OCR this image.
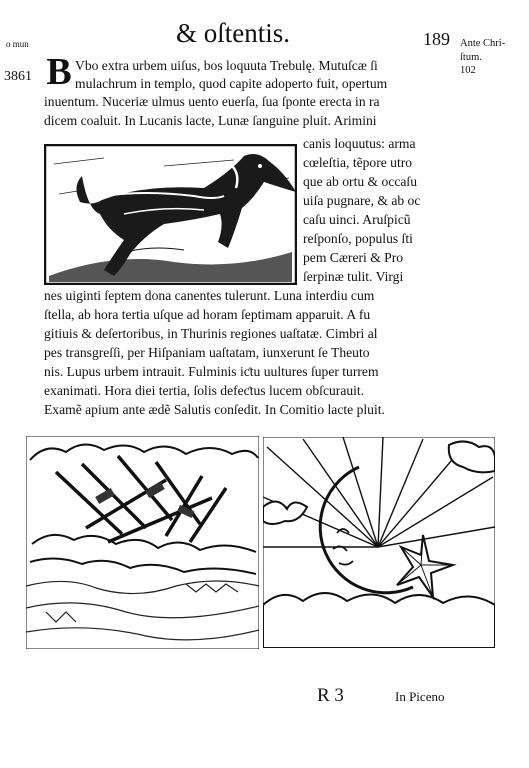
o mun	& oſtentis.	189 Ante Chri-
ſtum.
102
3861 B Vbo extra urbem uiſus, bos loquuta Trebulę. Mutuſcæ ſi
mulachrum in templo, quod capite adoperto fuit, opertum
inuentum. Nuceriæ ulmus uento euerſa, ſua ſponte erecta in ra
dicem coaluit. In Lucanis lacte, Lunæ ſanguine pluit. Arimini
canis loquutus: arma
cœleſtia, tẽpore utro
que ab ortu & occaſu
uiſa pugnare, & ab oc
caſu uinci. Aruſpicũ
reſponſo, populus ſti
pem Cæreri & Pro
ſerpinæ tulit. Virgi
nes uiginti ſeptem dona canentes tulerunt. Luna interdiu cum
ſtella, ab hora tertia uſque ad horam ſeptimam apparuit. A fu
gitiuis & deſertoribus, in Thurinis regiones uaſtatæ. Cimbri al
pes transgreſſi, per Hiſpaniam uaſtatam, iunxerunt ſe Theuto
nis. Lupus urbem intrauit. Fulminis iƈtu uultures ſuper turrem
exanimati. Hora diei tertia, ſolis defeƈtus lucem obſcurauit.
Examẽ apium ante ædẽ Salutis conſedit. In Comitio lacte pluit.
R 3	In Piceno
